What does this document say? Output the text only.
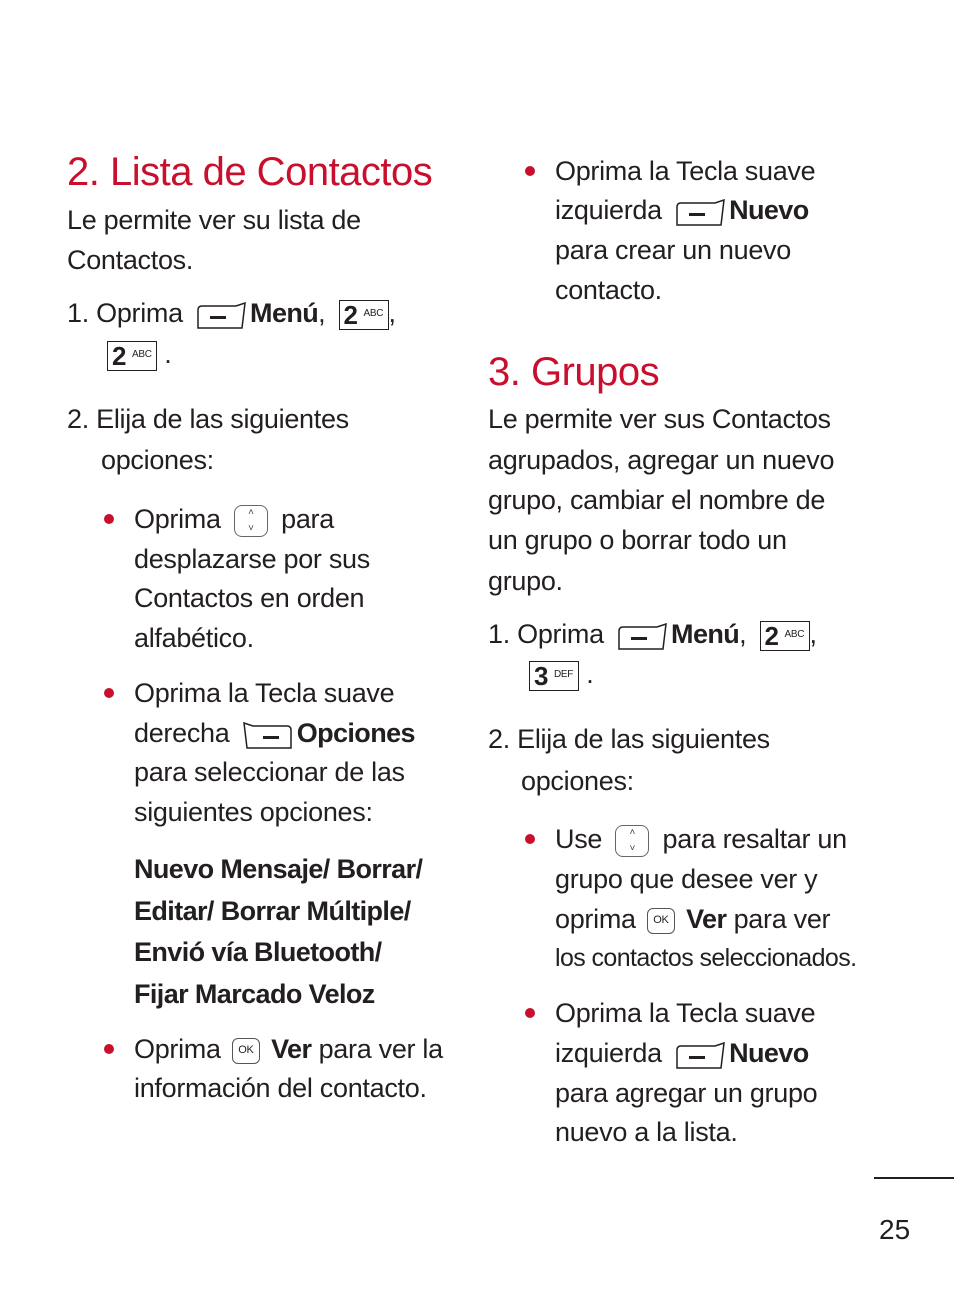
2. Lista de Contactos
Le permite ver su lista de
Contactos.
1. Oprima Menú, 2 ABC ,
2 ABC .
2. Elija de las siguientes
opciones:
Oprima	˄
˅	para
desplazarse por sus
Contactos en orden
alfabético.
Oprima la Tecla suave
derecha Opciones
para seleccionar de las
siguientes opciones:
Nuevo Mensaje/ Borrar/
Editar/ Borrar Múltiple/
Envió vía Bluetooth/
Fijar Marcado Veloz
Oprima	OK Ver para ver la
información del contacto.
Oprima la Tecla suave
izquierda Nuevo
para crear un nuevo
contacto.
3. Grupos
Le permite ver sus Contactos
agrupados, agregar un nuevo
grupo, cambiar el nombre de
un grupo o borrar todo un
grupo.
1. Oprima Menú, 2 ABC ,
3 DEF .
2. Elija de las siguientes
opciones:
Use	˄
˅	para resaltar un
grupo que desee ver y
oprima	OK Ver para ver
los contactos seleccionados.
Oprima la Tecla suave
izquierda Nuevo
para agregar un grupo
nuevo a la lista.
25
